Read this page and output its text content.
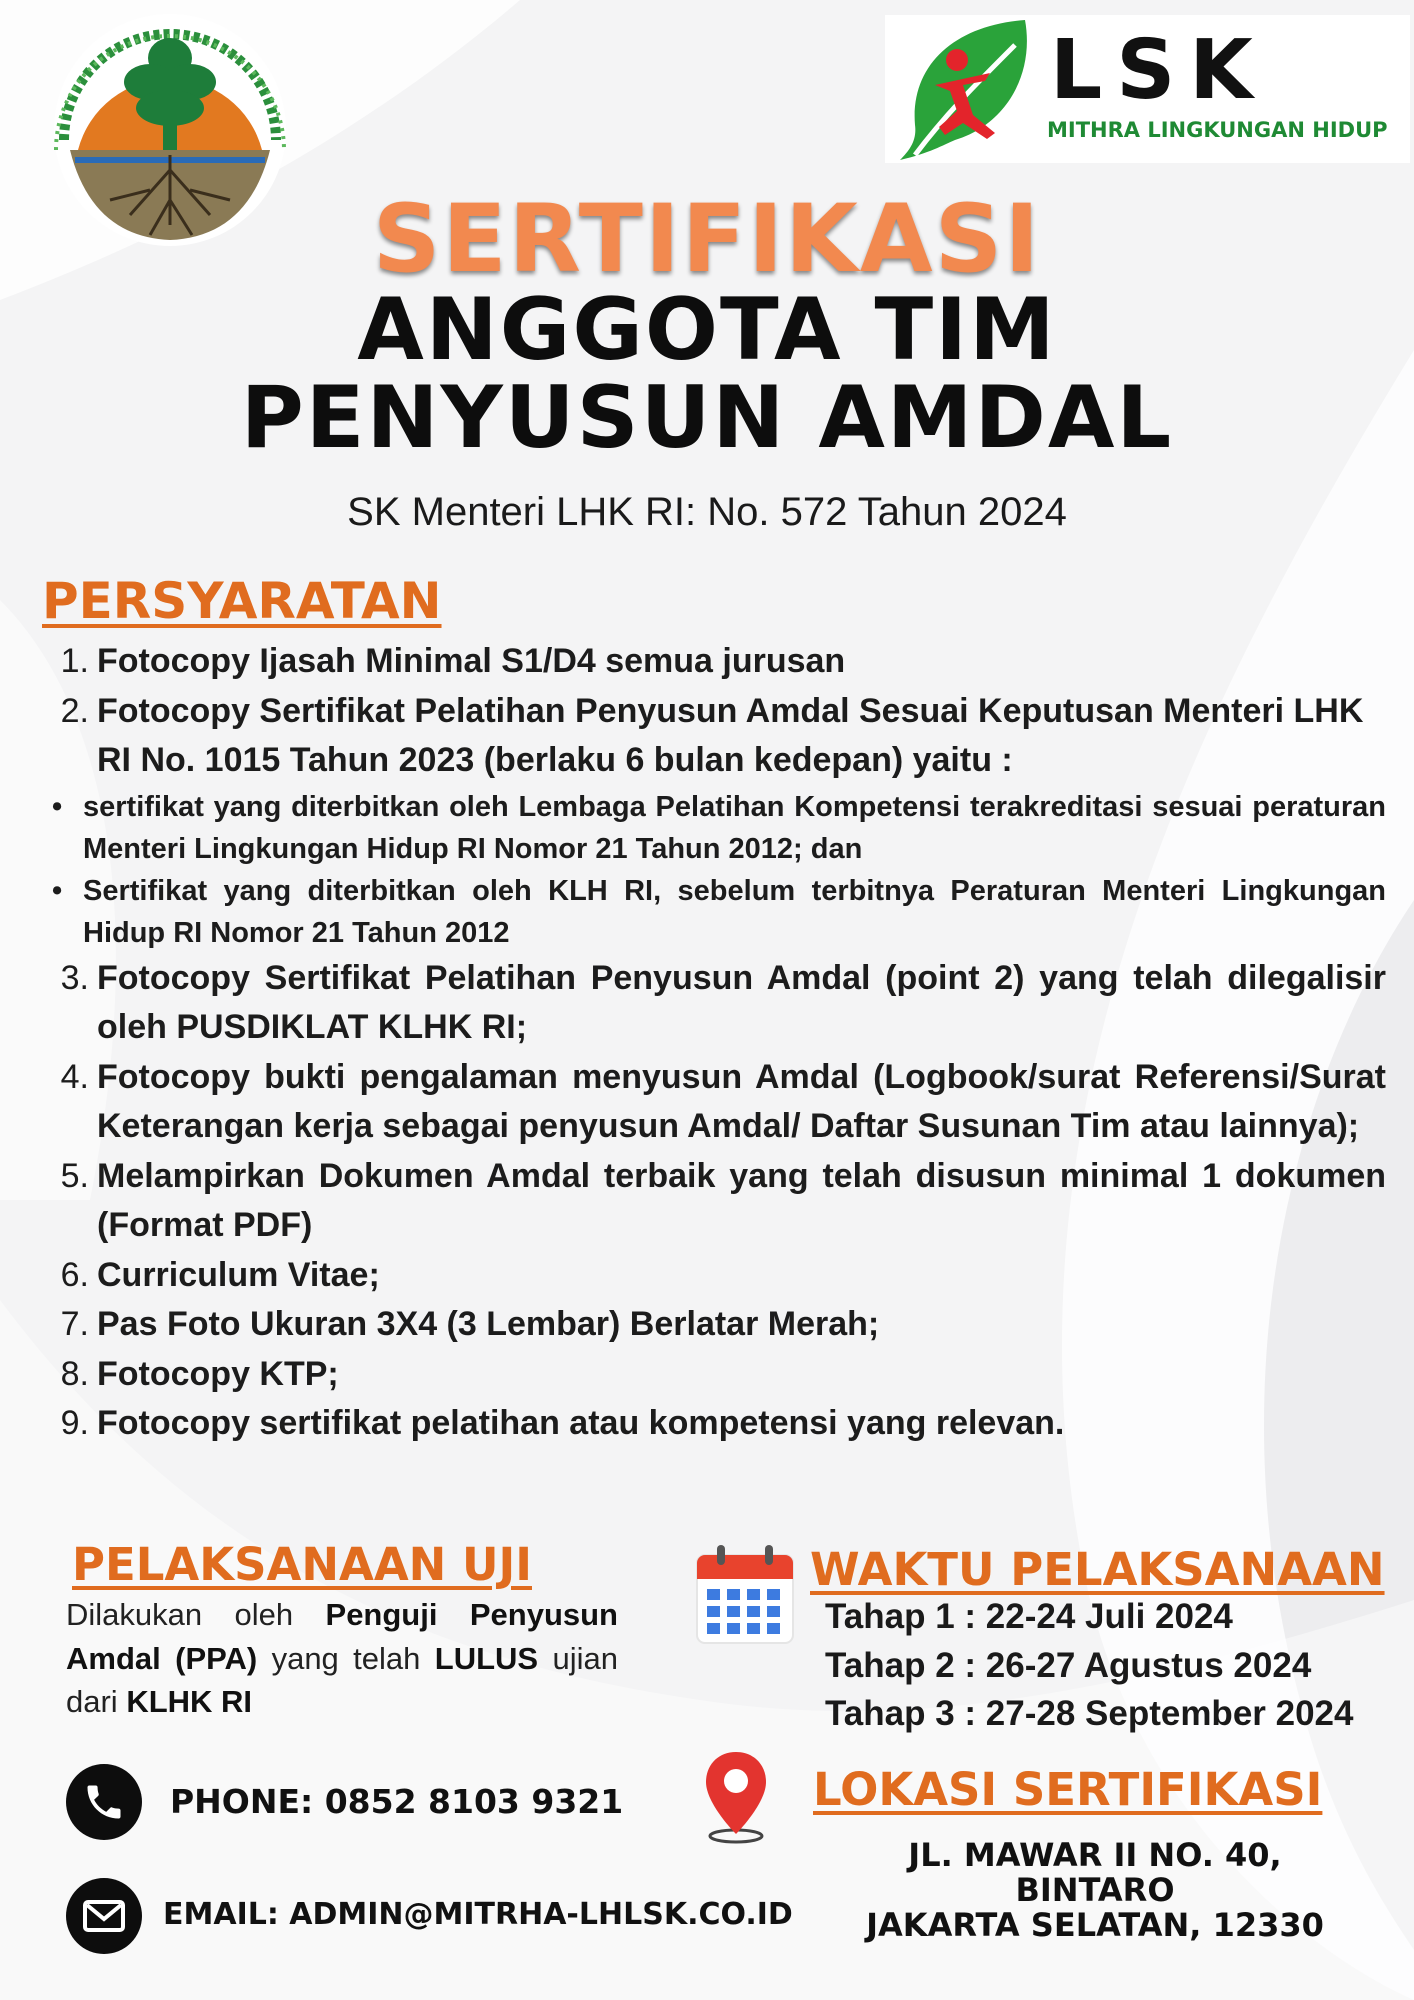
LSK
MITHRA LINGKUNGAN HIDUP
SERTIFIKASI
ANGGOTA TIM
PENYUSUN AMDAL
SK Menteri LHK RI: No. 572 Tahun 2024
PERSYARATAN
1. Fotocopy Ijasah Minimal S1/D4 semua jurusan
2. Fotocopy Sertifikat Pelatihan Penyusun Amdal Sesuai Keputusan Menteri LHK RI No. 1015 Tahun 2023 (berlaku 6 bulan kedepan) yaitu :
• sertifikat yang diterbitkan oleh Lembaga Pelatihan Kompetensi terakreditasi sesuai peraturan Menteri Lingkungan Hidup RI Nomor 21 Tahun 2012; dan
• Sertifikat yang diterbitkan oleh KLH RI, sebelum terbitnya Peraturan Menteri Lingkungan Hidup RI Nomor 21 Tahun 2012
3. Fotocopy Sertifikat Pelatihan Penyusun Amdal (point 2) yang telah dilegalisir oleh PUSDIKLAT KLHK RI;
4. Fotocopy bukti pengalaman menyusun Amdal (Logbook/surat Referensi/Surat Keterangan kerja sebagai penyusun Amdal/ Daftar Susunan Tim atau lainnya);
5. Melampirkan Dokumen Amdal terbaik yang telah disusun minimal 1 dokumen (Format PDF)
6. Curriculum Vitae;
7. Pas Foto Ukuran 3X4 (3 Lembar) Berlatar Merah;
8. Fotocopy KTP;
9. Fotocopy sertifikat pelatihan atau kompetensi yang relevan.
PELAKSANAAN UJI
Dilakukan oleh Penguji Penyusun Amdal (PPA) yang telah LULUS ujian dari KLHK RI
WAKTU PELAKSANAAN
Tahap 1 : 22-24 Juli 2024
Tahap 2 : 26-27 Agustus 2024
Tahap 3 : 27-28 September 2024
PHONE: 0852 8103 9321
EMAIL: ADMIN@MITRHA-LHLSK.CO.ID
LOKASI SERTIFIKASI
JL. MAWAR II NO. 40,
BINTARO
JAKARTA SELATAN, 12330
